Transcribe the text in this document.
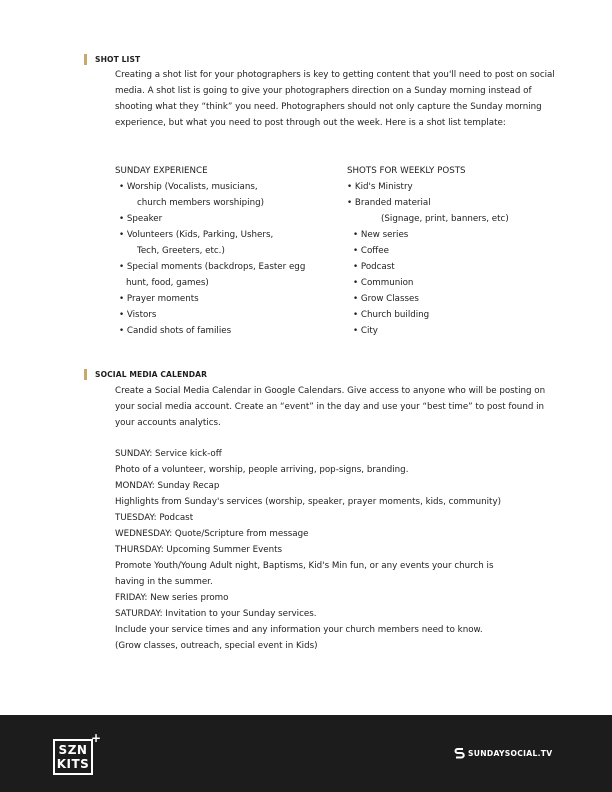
SHOT LIST

Creating a shot list for your photographers is key to getting content that you'll need to post on social media. A shot list is going to give your photographers direction on a Sunday morning instead of shooting what they “think” you need. Photographers should not only capture the Sunday morning experience, but what you need to post through out the week. Here is a shot list template:

SUNDAY EXPERIENCE
• Worship (Vocalists, musicians,
church members worshiping)
• Speaker
• Volunteers (Kids, Parking, Ushers,
Tech, Greeters, etc.)
• Special moments (backdrops, Easter egg
hunt, food, games)
• Prayer moments
• Vistors
• Candid shots of families
SHOTS FOR WEEKLY POSTS
• Kid's Ministry
• Branded material
(Signage, print, banners, etc)
• New series
• Coffee
• Podcast
• Communion
• Grow Classes
• Church building
• City
SOCIAL MEDIA CALENDAR

Create a Social Media Calendar in Google Calendars. Give access to anyone who will be posting on your social media account. Create an “event” in the day and use your “best time” to post found in your accounts analytics.

SUNDAY: Service kick-off
Photo of a volunteer, worship, people arriving, pop-signs, branding.
MONDAY: Sunday Recap
Highlights from Sunday's services (worship, speaker, prayer moments, kids, community)
TUESDAY: Podcast
WEDNESDAY: Quote/Scripture from message
THURSDAY: Upcoming Summer Events
Promote Youth/Young Adult night, Baptisms, Kid's Min fun, or any events your church is
having in the summer.
FRIDAY: New series promo
SATURDAY: Invitation to your Sunday services.
Include your service times and any information your church members need to know.
(Grow classes, outreach, special event in Kids)
SZN
KITS
+
SUNDAYSOCIAL.TV
